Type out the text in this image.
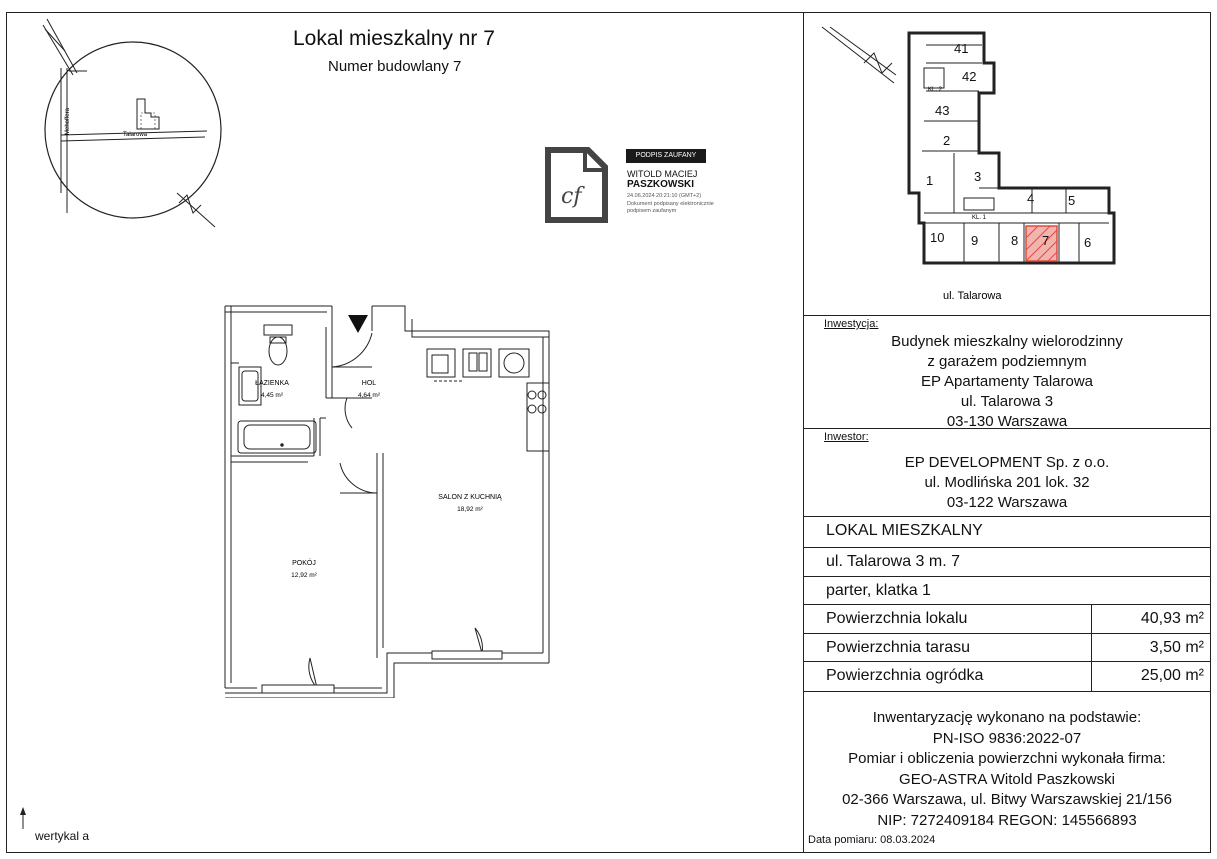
Lokal mieszkalny nr 7
Numer budowlany 7
Talarowa
Mehoffera
cf
PODPIS ZAUFANY
WITOLD MACIEJ
PASZKOWSKI
24.06.2024 20:21:10 (GMT+2)
Dokument podpisany elektronicznie
podpisem zaufanym
ŁAZIENKA
4,45 m²
HOL
4,64 m²
SALON Z KUCHNIĄ
18,92 m²
POKÓJ
12,92 m²
wertykal a
41
42
43
2
1	3
4	5
10 9	8 7	6
KL. 2
KL. 1
ul. Talarowa
Inwestycja:
Budynek mieszkalny wielorodzinny
z garażem podziemnym
EP Apartamenty Talarowa
ul. Talarowa 3
03-130 Warszawa
Inwestor:
EP DEVELOPMENT Sp. z o.o.
ul. Modlińska 201 lok. 32
03-122 Warszawa
LOKAL MIESZKALNY
ul. Talarowa 3 m. 7
parter, klatka 1
Powierzchnia lokalu	40,93 m²
Powierzchnia tarasu	3,50 m²
Powierzchnia ogródka	25,00 m²
Inwentaryzację wykonano na podstawie:
PN-ISO 9836:2022-07
Pomiar i obliczenia powierzchni wykonała firma:
GEO-ASTRA Witold Paszkowski
02-366 Warszawa, ul. Bitwy Warszawskiej 21/156
NIP: 7272409184 REGON: 145566893
Data pomiaru: 08.03.2024
